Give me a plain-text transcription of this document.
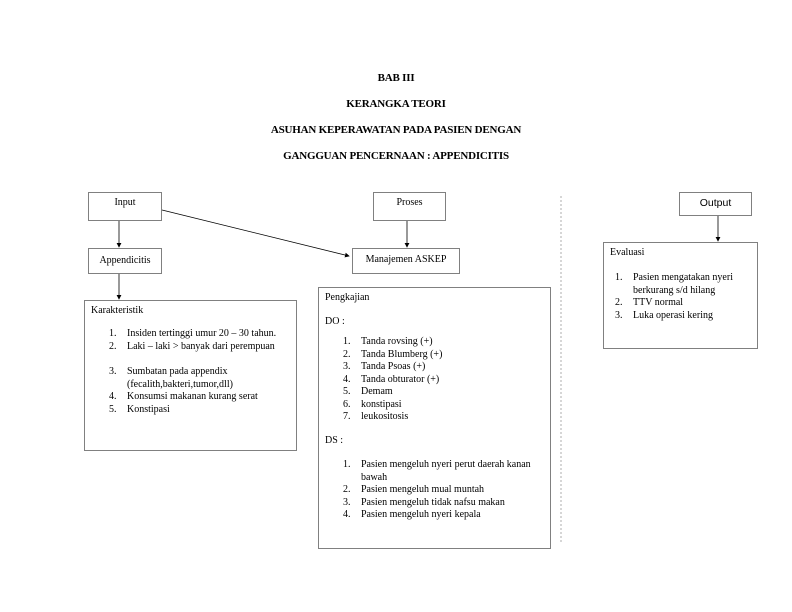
BAB III
KERANGKA TEORI
ASUHAN KEPERAWATAN PADA PASIEN DENGAN
GANGGUAN PENCERNAAN : APPENDICITIS
Input	Proses	Output
Appendicitis	Manajemen ASKEP
Karakteristik
1.	Insiden tertinggi umur 20 – 30 tahun.
2.	Laki – laki > banyak dari perempuan
3.	Sumbatan pada appendix (fecalith,bakteri,tumor,dll)
4.	Konsumsi makanan kurang serat
5.	Konstipasi
Pengkajian
DO :
1.	Tanda rovsing (+)
2.	Tanda Blumberg (+)
3.	Tanda Psoas (+)
4.	Tanda obturator (+)
5.	Demam
6.	konstipasi
7.	leukositosis
DS :
1.	Pasien mengeluh nyeri perut daerah kanan bawah
2.	Pasien mengeluh mual muntah
3.	Pasien mengeluh tidak nafsu makan
4.	Pasien mengeluh nyeri kepala
Evaluasi
1.	Pasien mengatakan nyeri berkurang s/d hilang
2.	TTV normal
3.	Luka operasi kering
